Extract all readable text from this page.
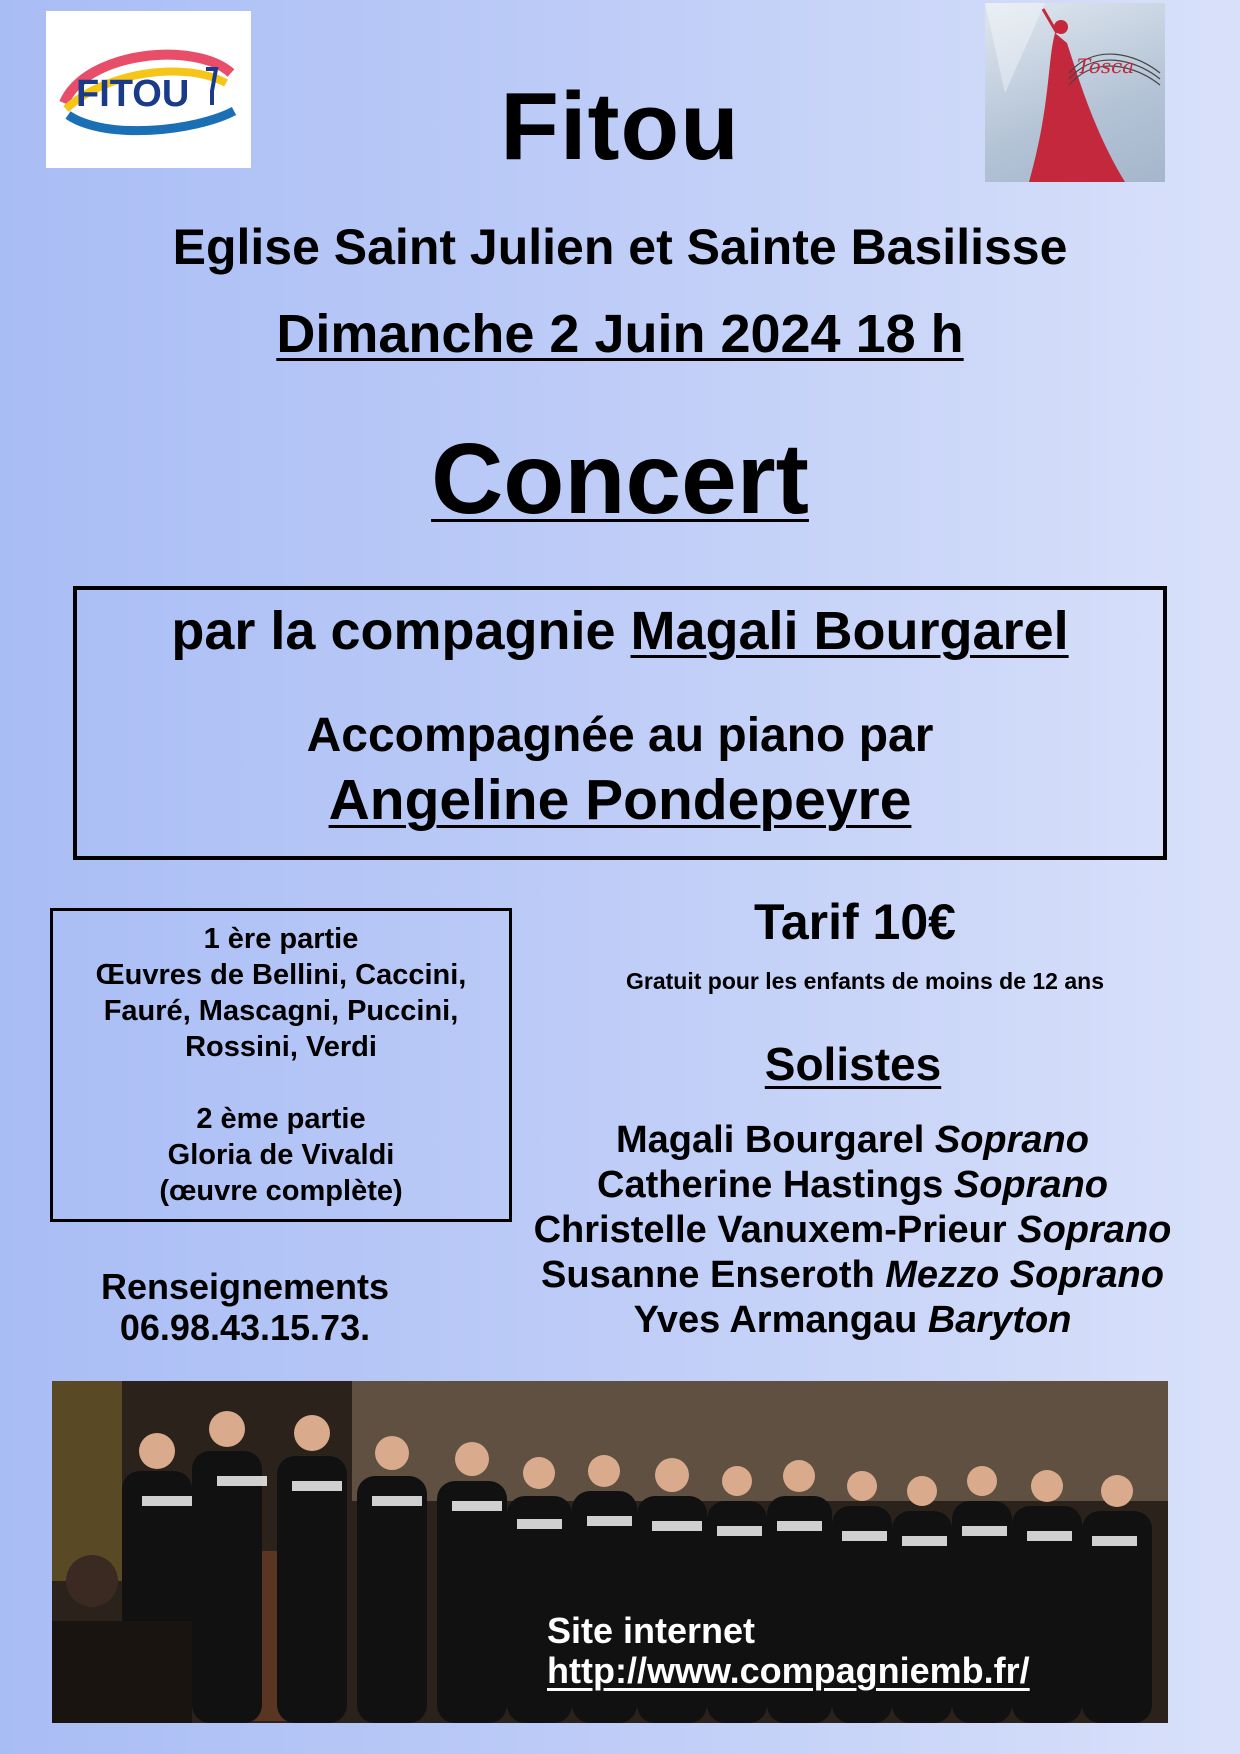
FITOU
Tosca
Fitou
Eglise Saint Julien et Sainte Basilisse
Dimanche 2 Juin 2024 18 h
Concert
par la compagnie Magali Bourgarel
Accompagnée au piano par
Angeline Pondepeyre
1 ère partie
Œuvres de Bellini, Caccini,
Fauré, Mascagni, Puccini,
Rossini, Verdi
2 ème partie
Gloria de Vivaldi
(œuvre complète)
Tarif 10€
Gratuit pour les enfants de moins de 12 ans
Solistes
Magali Bourgarel Soprano
Catherine Hastings Soprano
Christelle Vanuxem-Prieur Soprano
Susanne Enseroth Mezzo Soprano
Yves Armangau Baryton
Renseignements
06.98.43.15.73.
Site internet
http://www.compagniemb.fr/
